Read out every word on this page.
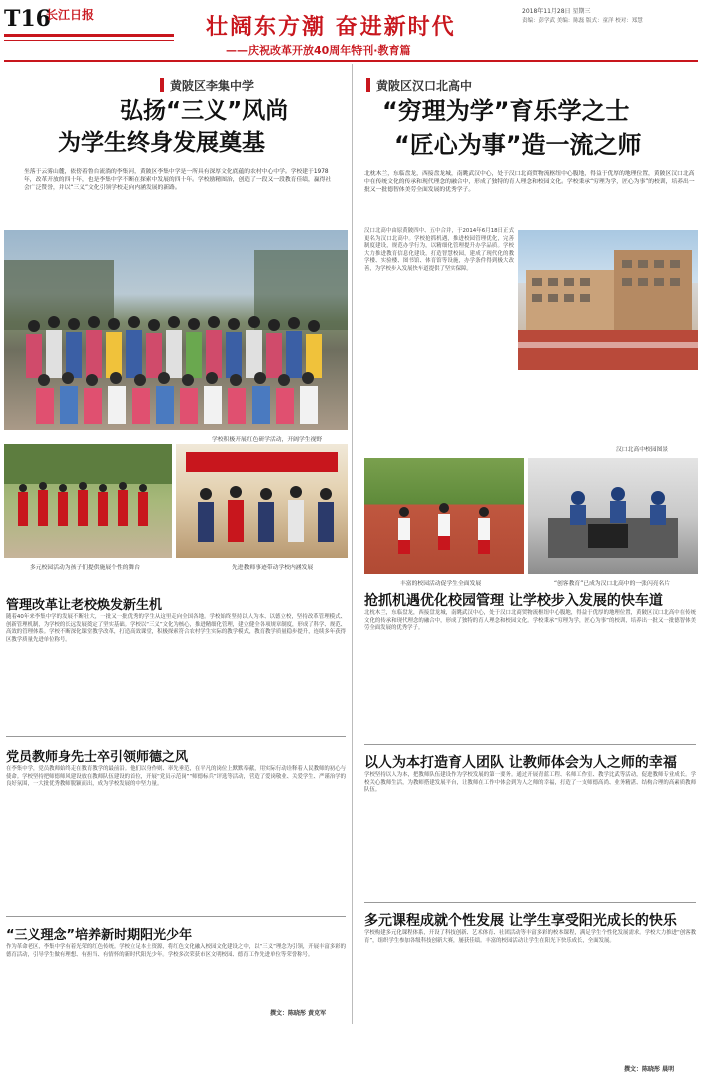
T16
长江日报	壮阔东方潮 奋进新时代
——庆祝改革开放40周年特刊·教育篇
2018年11月28日 星期三
责编：彭学武 美编：陈磊 版式：童洋 校对：郑慧
黄陂区李集中学
弘扬“三义”风尚
为学生终身发展奠基
坐落于云雾山麓，依傍着鲁台流淌的李集河，黄陂区李集中学是一所具有深厚文化底蕴的农村中心中学。学校建于1978年，改革开放的四十年，也是李集中学不断在探索中发展的四十年。学校励精图治，创造了一段又一段教育佳绩，赢得社会广泛赞誉，并以“三义”文化引领学校走向内涵发展的新路。
学校积极开展红色研学活动，开阔学生视野
多元校园活动为孩子们提供施展个性的舞台	先进教师事迹带动学校内涵发展
管理改革让老校焕发新生机
随着40年来李集中学的发展不断壮大，一批又一批优秀的学生从这里走向全国各地。学校始终坚持以人为本、以德立校，坚持改革管理模式、创新管理机制，为学校的长远发展奠定了坚实基础。学校以“三义”文化为核心，推进精细化管理，建立健全各项规章制度，形成了科学、规范、高效的管理体系。学校不断深化课堂教学改革，打造高效课堂，积极探索符合农村学生实际的教学模式，教育教学质量稳步提升，连续多年获得区教学质量先进单位称号。
党员教师身先士卒引领师德之风
在李集中学，党员教师始终走在教育教学的最前沿。他们以身作则、率先垂范，在平凡的岗位上默默奉献，用实际行动诠释着人民教师的初心与使命。学校坚持把师德师风建设放在教师队伍建设的首位，开展“党员示范岗”“师德标兵”评选等活动，营造了爱岗敬业、关爱学生、严谨治学的良好氛围，一大批优秀教师脱颖而出，成为学校发展的中坚力量。
“三义理念”培养新时期阳光少年
作为革命老区，李集中学有着光荣的红色传统。学校立足本土资源，将红色文化融入校园文化建设之中，以“三义”理念为引领，开展丰富多彩的德育活动，引导学生做有理想、有担当、有情怀的新时代阳光少年。学校多次荣获市区文明校园、德育工作先进单位等荣誉称号。
撰文：陈晓彤 黄克军
黄陂区汉口北高中
“穷理为学”育乐学之士
“匠心为事”造一流之师
北枕木兰，东临盘龙，西接盘龙城，南眺武汉中心，处于汉口北商贸物流枢纽中心腹地，得益于优厚的地理位置，黄陂区汉口北高中在传统文化的传承和现代理念的融合中，形成了独特的育人理念和校园文化。学校秉承“穷理为学，匠心为事”的校训，培养出一批又一批德智体美劳全面发展的优秀学子。
汉口北高中由原黄陂四中、五中合并，于2014年6月18日正式更名为汉口北高中。学校抢抓机遇，推进校园管理优化，完善制度建设，规范办学行为，以精细化管理提升办学品质。学校大力推进教育信息化建设，打造智慧校园，建成了现代化的教学楼、实验楼、图书馆、体育馆等设施，办学条件得到极大改善，为学校步入发展快车道提供了坚实保障。
汉口北高中校园图景
丰富的校园活动促学生全面发展	“创客教育”已成为汉口北高中的一张闪亮名片
抢抓机遇优化校园管理 让学校步入发展的快车道
北枕木兰，东临盘龙，西接盘龙城，南眺武汉中心，处于汉口北商贸物流枢纽中心腹地，得益于优厚的地理位置，黄陂区汉口北高中在传统文化的传承和现代理念的融合中，形成了独特的育人理念和校园文化。学校秉承“穷理为学，匠心为事”的校训，培养出一批又一批德智体美劳全面发展的优秀学子。
以人为本打造育人团队 让教师体会为人之师的幸福
学校坚持以人为本，把教师队伍建设作为学校发展的第一要务。通过开展青蓝工程、名师工作室、教学比武等活动，促进教师专业成长。学校关心教师生活，为教师搭建发展平台，让教师在工作中体会到为人之师的幸福，打造了一支师德高尚、业务精湛、结构合理的高素质教师队伍。
多元课程成就个性发展 让学生享受阳光成长的快乐
学校构建多元化课程体系，开设了科技创新、艺术体育、社团活动等丰富多彩的校本课程，满足学生个性化发展需求。学校大力推进“创客教育”，组织学生参加各级科技创新大赛，屡获佳绩。丰富的校园活动让学生在阳光下快乐成长，全面发展。
撰文：陈晓彤 晨明
